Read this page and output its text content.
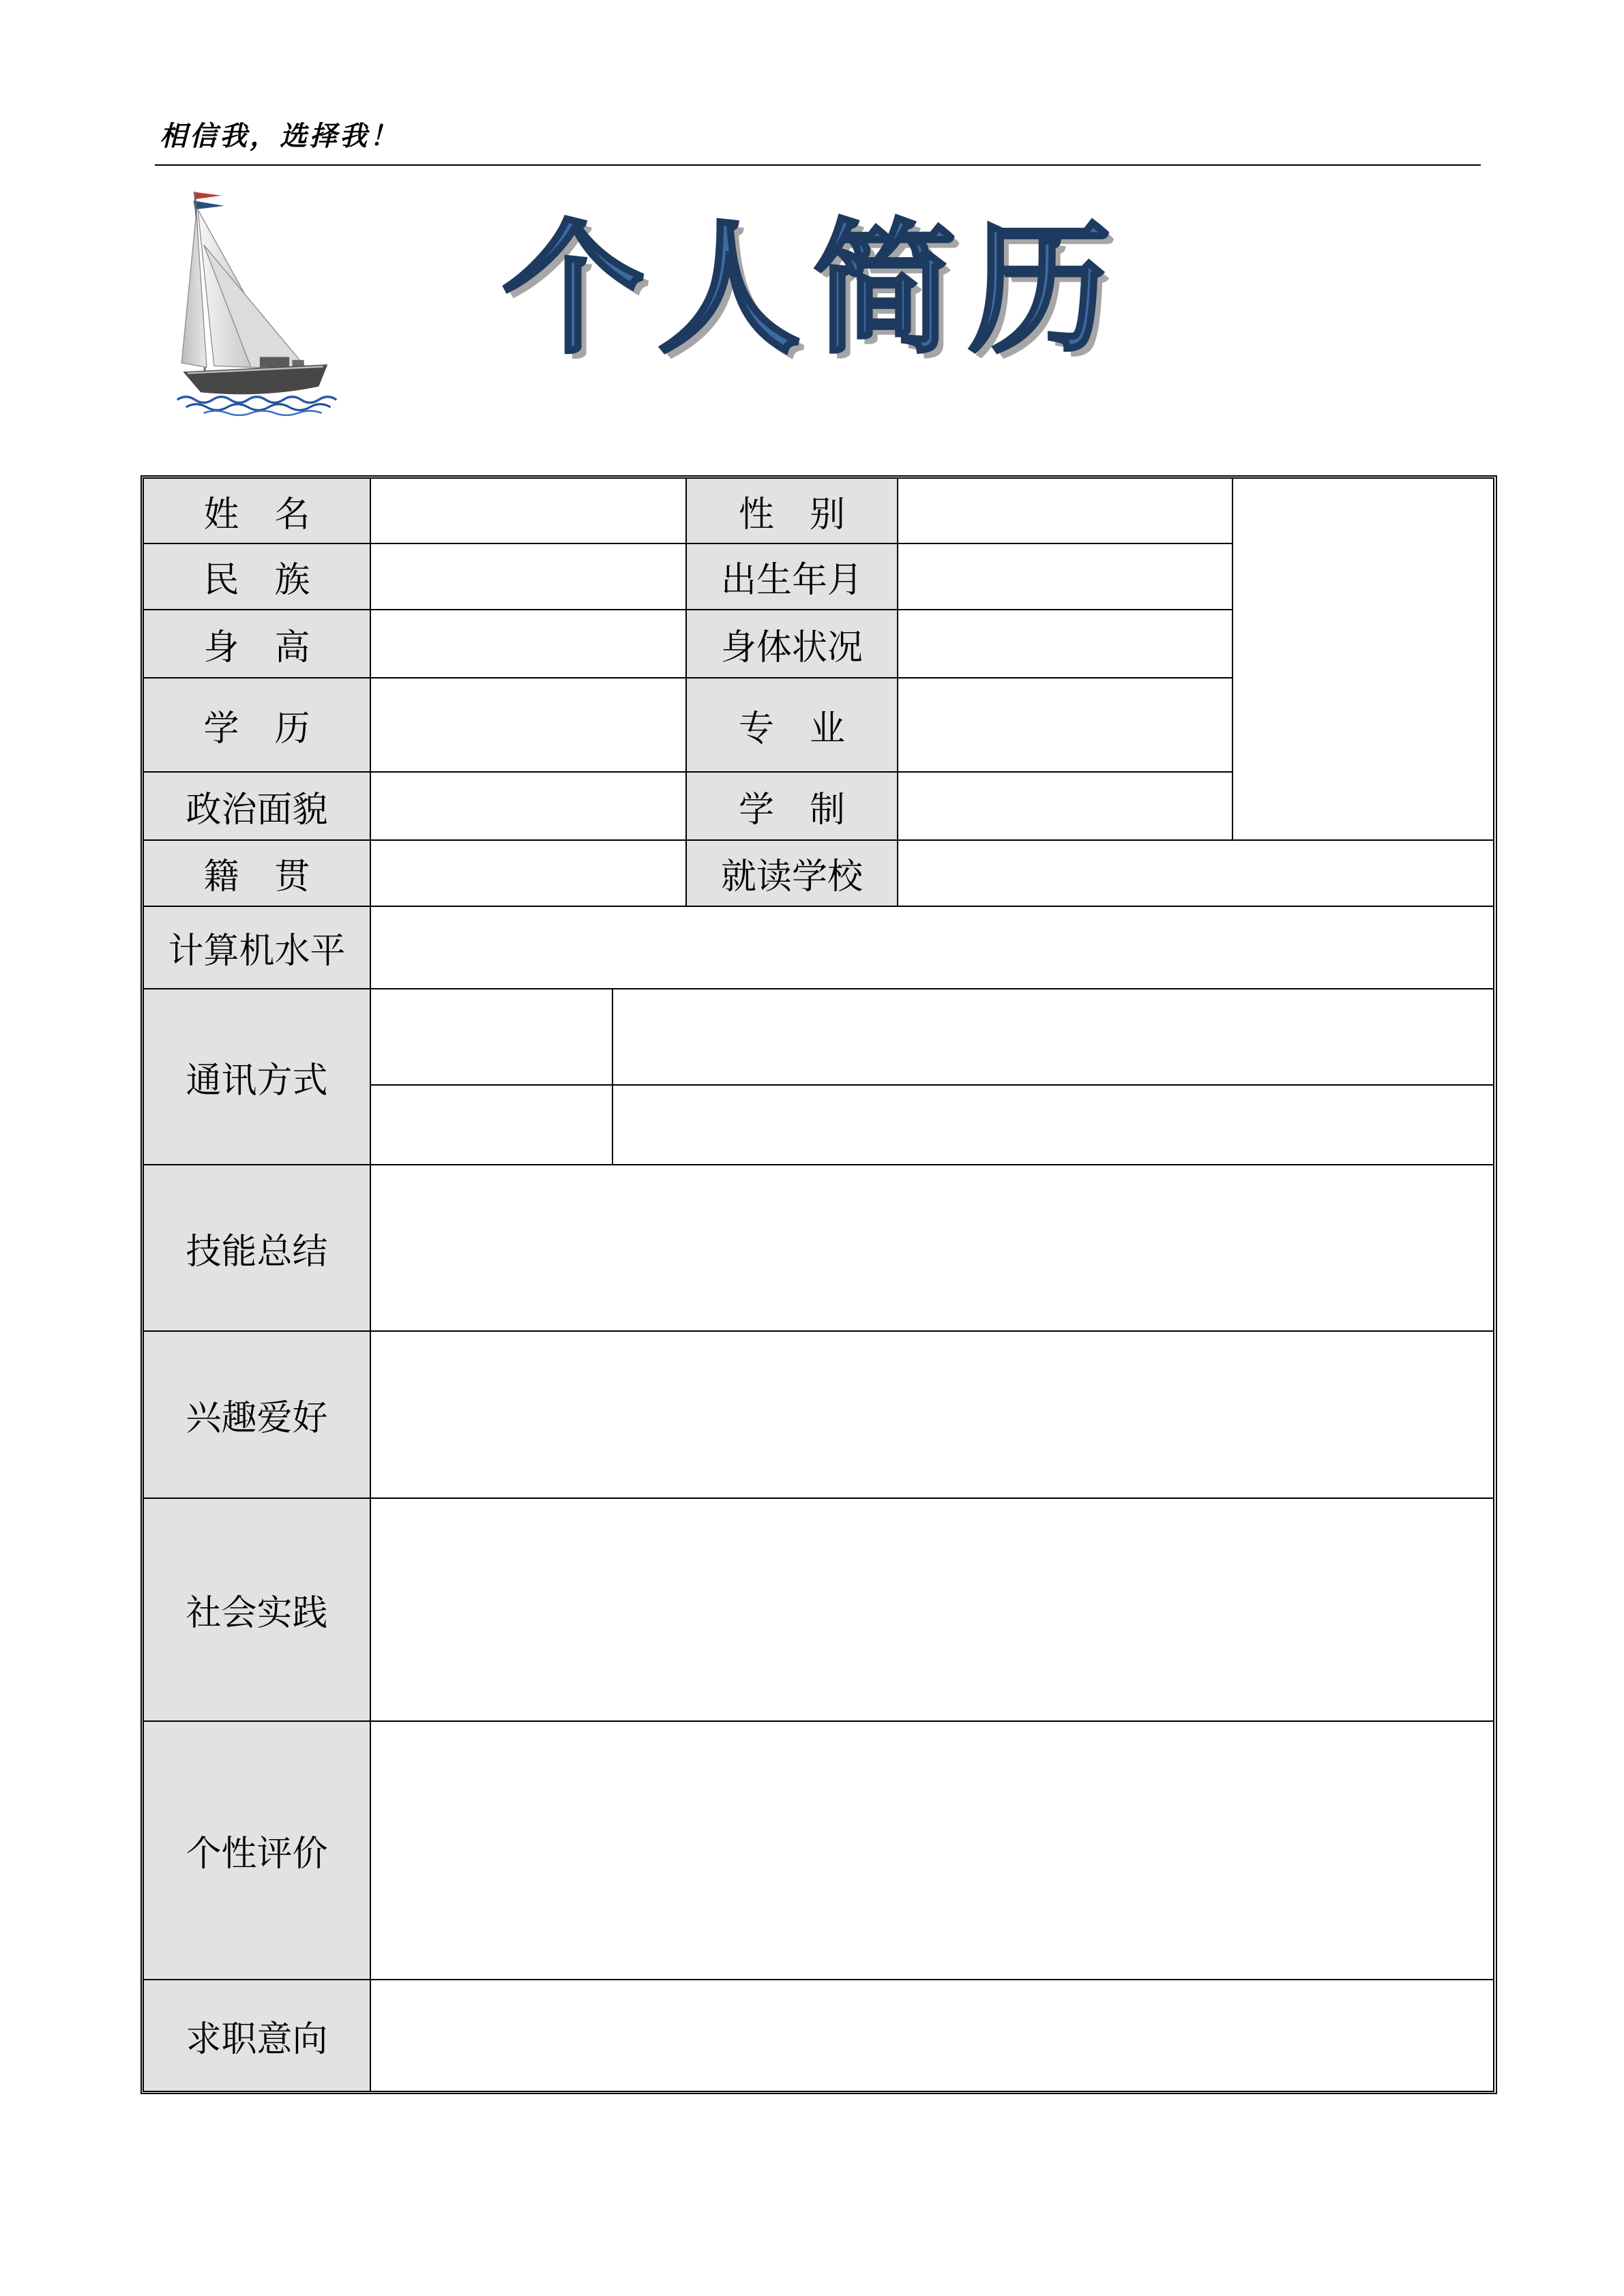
相信我，选择我！
个人简历
姓　名	性　别
民　族	出生年月
身　高	身体状况
学　历	专　业
政治面貌	学　制
籍　贯	就读学校
计算机水平
通讯方式
技能总结
兴趣爱好
社会实践
个性评价
求职意向
